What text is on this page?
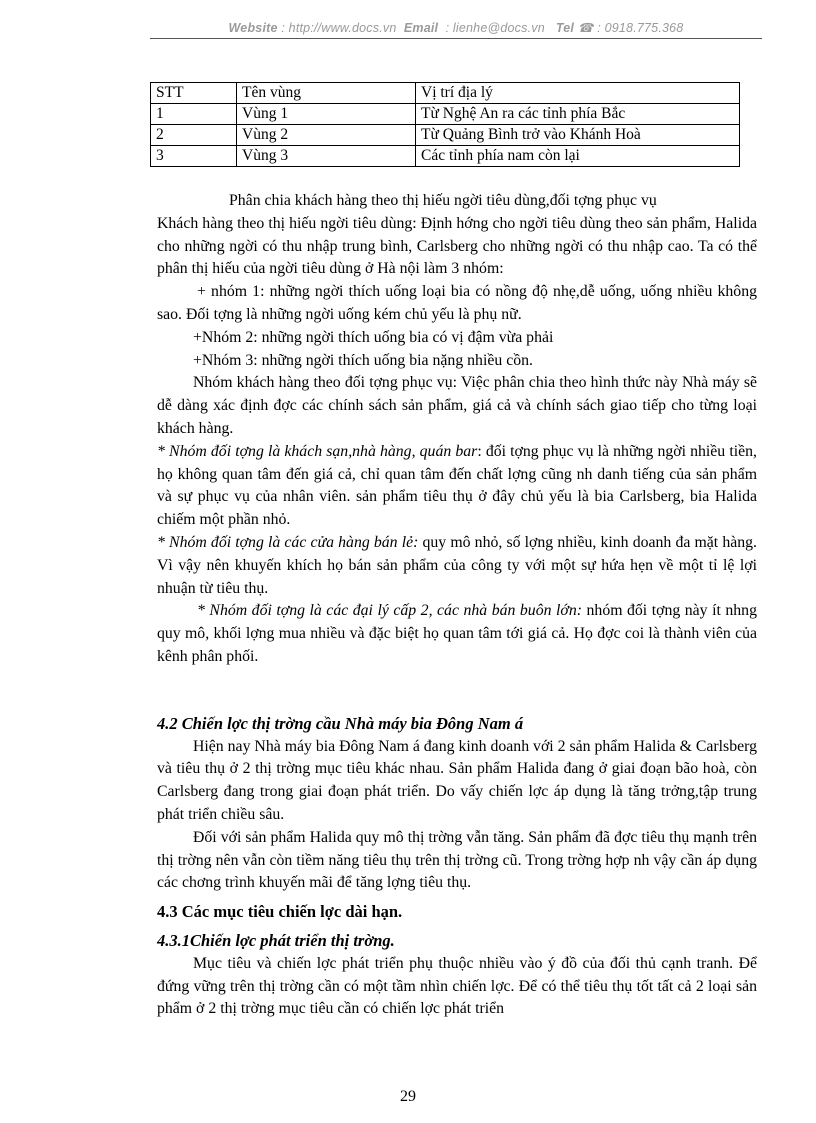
Website : http://www.docs.vn Email : lienhe@docs.vn Tel ☎ : 0918.775.368
STT	Tên vùng	Vị trí địa lý
1	Vùng 1	Từ Nghệ An ra các tỉnh phía Bắc
2	Vùng 2	Từ Quảng Bình trở vào Khánh Hoà
3	Vùng 3	Các tỉnh phía nam còn lại

Phân chia khách hàng theo thị hiếu ngời tiêu dùng,đối tợng phục vụ

Khách hàng theo thị hiếu ngời tiêu dùng: Định hớng cho ngời tiêu dùng theo sản phẩm, Halida cho những ngời có thu nhập trung bình, Carlsberg cho những ngời có thu nhập cao. Ta có thể phân thị hiếu của ngời tiêu dùng ở Hà nội làm 3 nhóm:

+ nhóm 1: những ngời thích uống loại bia có nồng độ nhẹ,dễ uống, uống nhiều không sao. Đối tợng là những ngời uống kém chủ yếu là phụ nữ.

+Nhóm 2: những ngời thích uống bia có vị đậm vừa phải

+Nhóm 3: những ngời thích uống bia nặng nhiều cồn.

Nhóm khách hàng theo đối tợng phục vụ: Việc phân chia theo hình thức này Nhà máy sẽ dễ dàng xác định đợc các chính sách sản phẩm, giá cả và chính sách giao tiếp cho từng loại khách hàng.

* Nhóm đối tợng là khách sạn,nhà hàng, quán bar: đối tợng phục vụ là những ngời nhiều tiền, họ không quan tâm đến giá cả, chỉ quan tâm đến chất lợng cũng nh danh tiếng của sản phẩm và sự phục vụ của nhân viên. sản phẩm tiêu thụ ở đây chủ yếu là bia Carlsberg, bia Halida chiếm một phần nhỏ.

* Nhóm đối tợng là các cửa hàng bán lẻ: quy mô nhỏ, số lợng nhiều, kinh doanh đa mặt hàng. Vì vậy nên khuyến khích họ bán sản phẩm của công ty với một sự hứa hẹn về một tỉ lệ lợi nhuận từ tiêu thụ.

* Nhóm đối tợng là các đại lý cấp 2, các nhà bán buôn lớn: nhóm đối tợng này ít nhng quy mô, khối lợng mua nhiều và đặc biệt họ quan tâm tới giá cả. Họ đợc coi là thành viên của kênh phân phối.

4.2 Chiến lợc thị trờng cầu Nhà máy bia Đông Nam á

Hiện nay Nhà máy bia Đông Nam á đang kinh doanh với 2 sản phẩm Halida & Carlsberg và tiêu thụ ở 2 thị trờng mục tiêu khác nhau. Sản phẩm Halida đang ở giai đoạn bão hoà, còn Carlsberg đang trong giai đoạn phát triển. Do vấy chiến lợc áp dụng là tăng trởng,tập trung phát triển chiều sâu.

Đối với sản phẩm Halida quy mô thị trờng vẫn tăng. Sản phẩm đã đợc tiêu thụ mạnh trên thị trờng nên vẫn còn tiềm năng tiêu thụ trên thị trờng cũ. Trong trờng hợp nh vậy cần áp dụng các chơng trình khuyến mãi để tăng lợng tiêu thụ.

4.3 Các mục tiêu chiến lợc dài hạn.

4.3.1Chiến lợc phát triển thị trờng.

Mục tiêu và chiến lợc phát triển phụ thuộc nhiều vào ý đồ của đối thủ cạnh tranh. Để đứng vững trên thị trờng cần có một tầm nhìn chiến lợc. Để có thể tiêu thụ tốt tất cả 2 loại sản phẩm ở 2 thị trờng mục tiêu cần có chiến lợc phát triển

29
